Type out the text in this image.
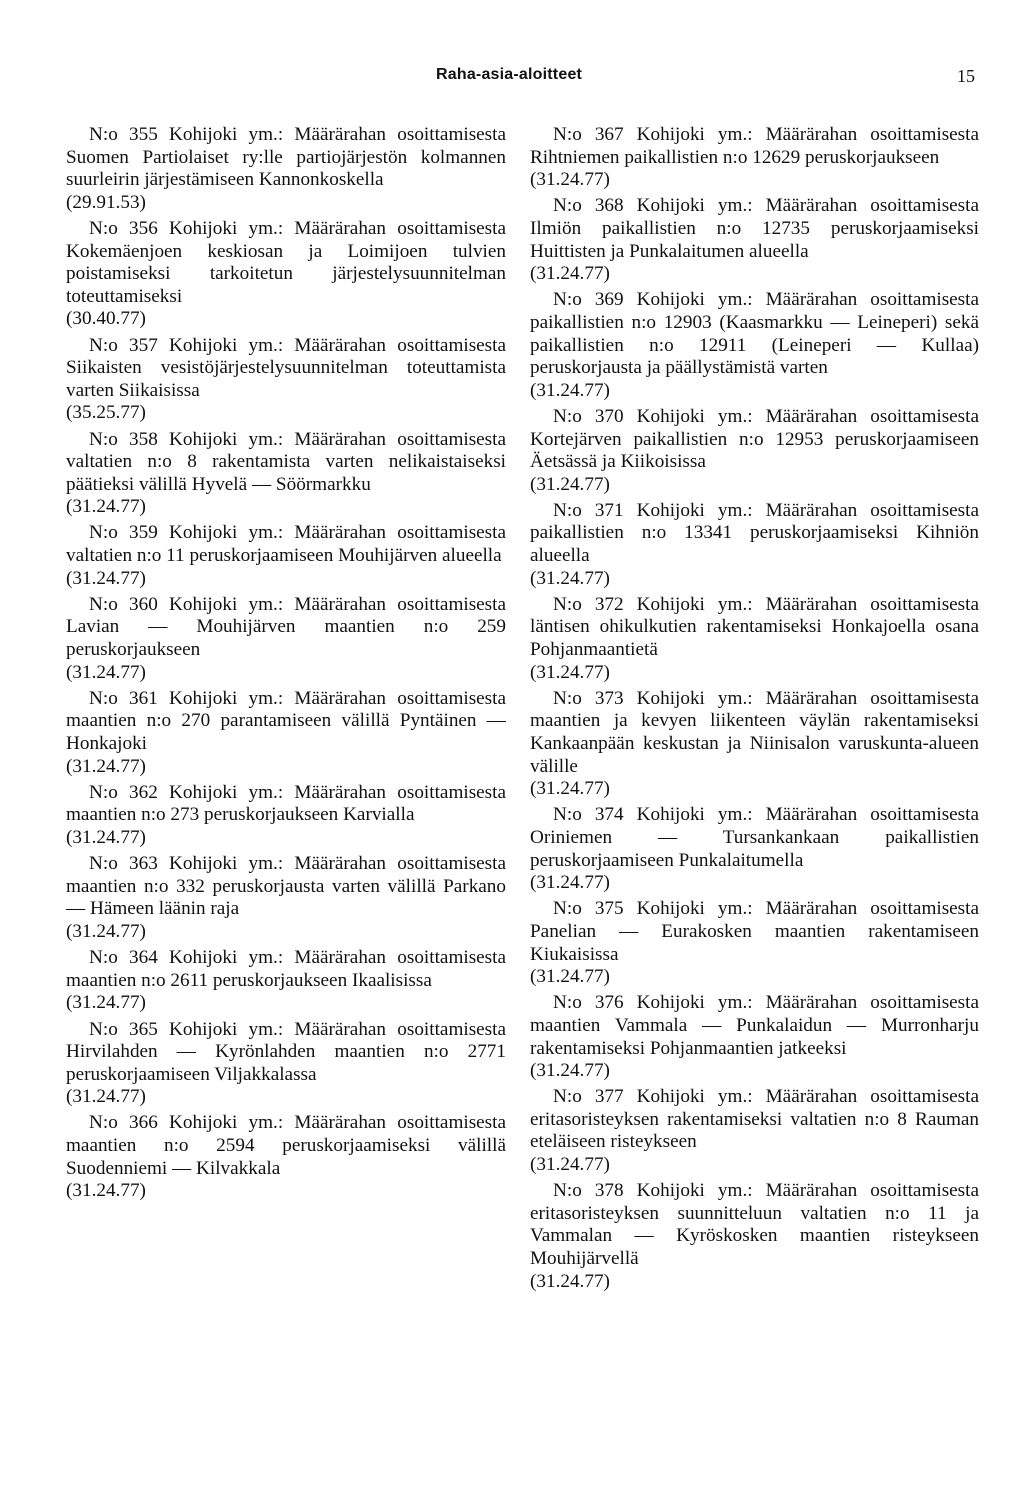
Raha-asia-aloitteet	15
N:o 355 Kohijoki ym.: Määrärahan osoittamisesta Suomen Partiolaiset ry:lle partiojärjestön kolmannen suurleirin järjestämiseen Kannonkoskella
(29.91.53)
N:o 356 Kohijoki ym.: Määrärahan osoittamisesta Kokemäenjoen keskiosan ja Loimijoen tulvien poistamiseksi tarkoitetun järjestelysuunnitelman toteuttamiseksi
(30.40.77)
N:o 357 Kohijoki ym.: Määrärahan osoittamisesta Siikaisten vesistöjärjestelysuunnitelman toteuttamista varten Siikaisissa
(35.25.77)
N:o 358 Kohijoki ym.: Määrärahan osoittamisesta valtatien n:o 8 rakentamista varten nelikaistaiseksi päätieksi välillä Hyvelä — Söörmarkku
(31.24.77)
N:o 359 Kohijoki ym.: Määrärahan osoittamisesta valtatien n:o 11 peruskorjaamiseen Mouhijärven alueella
(31.24.77)
N:o 360 Kohijoki ym.: Määrärahan osoittamisesta Lavian — Mouhijärven maantien n:o 259 peruskorjaukseen
(31.24.77)
N:o 361 Kohijoki ym.: Määrärahan osoittamisesta maantien n:o 270 parantamiseen välillä Pyntäinen — Honkajoki
(31.24.77)
N:o 362 Kohijoki ym.: Määrärahan osoittamisesta maantien n:o 273 peruskorjaukseen Karvialla
(31.24.77)
N:o 363 Kohijoki ym.: Määrärahan osoittamisesta maantien n:o 332 peruskorjausta varten välillä Parkano — Hämeen läänin raja
(31.24.77)
N:o 364 Kohijoki ym.: Määrärahan osoittamisesta maantien n:o 2611 peruskorjaukseen Ikaalisissa
(31.24.77)
N:o 365 Kohijoki ym.: Määrärahan osoittamisesta Hirvilahden — Kyrönlahden maantien n:o 2771 peruskorjaamiseen Viljakkalassa
(31.24.77)
N:o 366 Kohijoki ym.: Määrärahan osoittamisesta maantien n:o 2594 peruskorjaamiseksi välillä Suodenniemi — Kilvakkala
(31.24.77)
N:o 367 Kohijoki ym.: Määrärahan osoittamisesta Rihtniemen paikallistien n:o 12629 peruskorjaukseen
(31.24.77)
N:o 368 Kohijoki ym.: Määrärahan osoittamisesta Ilmiön paikallistien n:o 12735 peruskorjaamiseksi Huittisten ja Punkalaitumen alueella
(31.24.77)
N:o 369 Kohijoki ym.: Määrärahan osoittamisesta paikallistien n:o 12903 (Kaasmarkku — Leineperi) sekä paikallistien n:o 12911 (Leineperi — Kullaa) peruskorjausta ja päällystämistä varten
(31.24.77)
N:o 370 Kohijoki ym.: Määrärahan osoittamisesta Kortejärven paikallistien n:o 12953 peruskorjaamiseen Äetsässä ja Kiikoisissa
(31.24.77)
N:o 371 Kohijoki ym.: Määrärahan osoittamisesta paikallistien n:o 13341 peruskorjaamiseksi Kihniön alueella
(31.24.77)
N:o 372 Kohijoki ym.: Määrärahan osoittamisesta läntisen ohikulkutien rakentamiseksi Honkajoella osana Pohjanmaantietä
(31.24.77)
N:o 373 Kohijoki ym.: Määrärahan osoittamisesta maantien ja kevyen liikenteen väylän rakentamiseksi Kankaanpään keskustan ja Niinisalon varuskunta-alueen välille
(31.24.77)
N:o 374 Kohijoki ym.: Määrärahan osoittamisesta Oriniemen — Tursankankaan paikallistien peruskorjaamiseen Punkalaitumella
(31.24.77)
N:o 375 Kohijoki ym.: Määrärahan osoittamisesta Panelian — Eurakosken maantien rakentamiseen Kiukaisissa
(31.24.77)
N:o 376 Kohijoki ym.: Määrärahan osoittamisesta maantien Vammala — Punkalaidun — Murronharju rakentamiseksi Pohjanmaantien jatkeeksi
(31.24.77)
N:o 377 Kohijoki ym.: Määrärahan osoittamisesta eritasoristeyksen rakentamiseksi valtatien n:o 8 Rauman eteläiseen risteykseen
(31.24.77)
N:o 378 Kohijoki ym.: Määrärahan osoittamisesta eritasoristeyksen suunnitteluun valtatien n:o 11 ja Vammalan — Kyröskosken maantien risteykseen Mouhijärvellä
(31.24.77)
